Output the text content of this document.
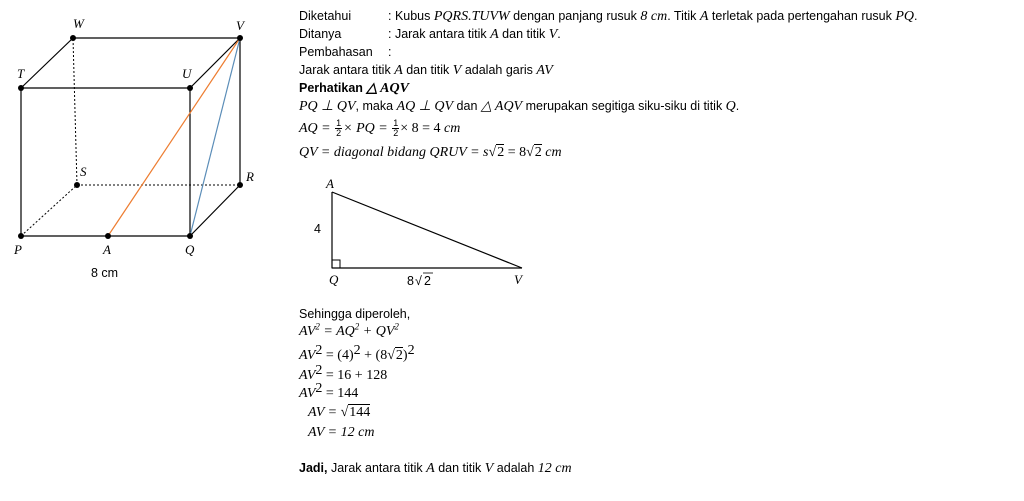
W	V
T	U
S	R
P	A	Q
8 cm
Diketahui	: Kubus PQRS.TUVW dengan panjang rusuk 8 cm. Titik A terletak pada pertengahan rusuk PQ.
Ditanya	: Jarak antara titik A dan titik V.
Pembahasan :
Jarak antara titik A dan titik V adalah garis AV
Perhatikan △ AQV
PQ ⊥ QV, maka AQ ⊥ QV dan △ AQV merupakan segitiga siku-siku di titik Q.
AQ = $\frac{1}{2}$ × PQ = $\frac{1}{2} \times 8 = 4$ cm
QV = diagonal bidang QRUV = s√2 = 8√2 cm
A
Q	V
4
8 √ 2
Sehingga diperoleh,
$AV^2 = AQ^2 + QV^2$
$AV^2 = (4)^2 + (8√2)^2$
$AV^2 = 16 + 128$
$AV^2 = 144$
AV = √144
AV = 12 cm
Jadi, Jarak antara titik A dan titik V adalah 12 cm
